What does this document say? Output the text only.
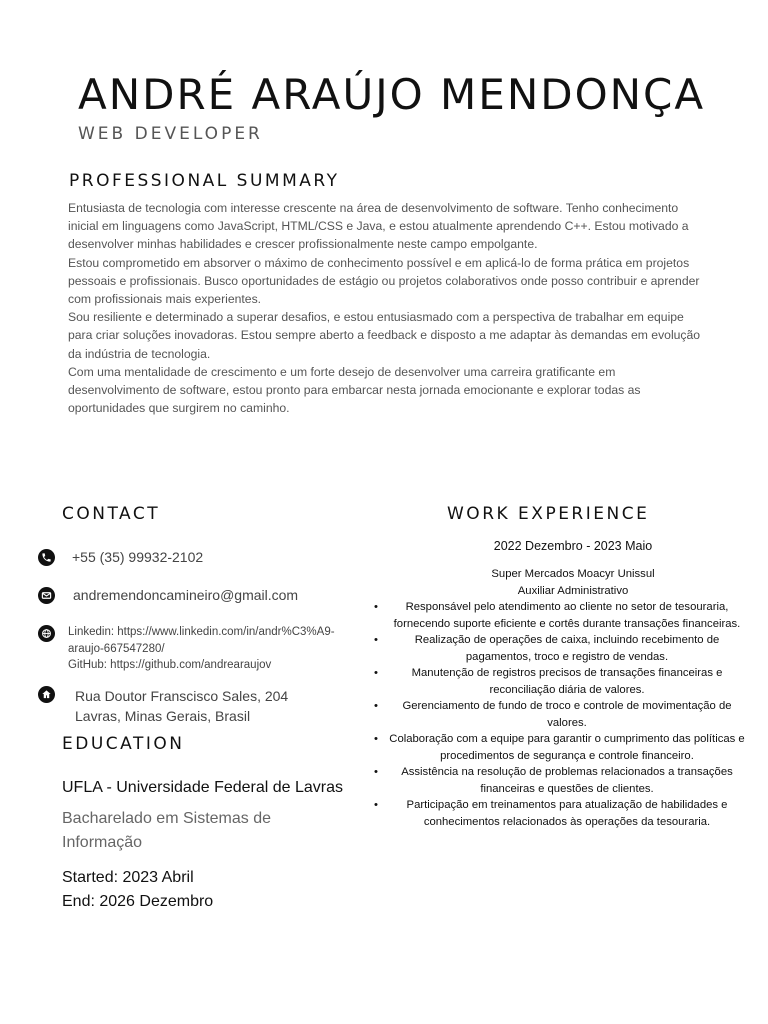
ANDRÉ ARAÚJO MENDONÇA
WEB DEVELOPER
PROFESSIONAL SUMMARY

Entusiasta de tecnologia com interesse crescente na área de desenvolvimento de software. Tenho conhecimento inicial em linguagens como JavaScript, HTML/CSS e Java, e estou atualmente aprendendo C++. Estou motivado a desenvolver minhas habilidades e crescer profissionalmente neste campo empolgante.

Estou comprometido em absorver o máximo de conhecimento possível e em aplicá-lo de forma prática em projetos pessoais e profissionais. Busco oportunidades de estágio ou projetos colaborativos onde posso contribuir e aprender com profissionais mais experientes.

Sou resiliente e determinado a superar desafios, e estou entusiasmado com a perspectiva de trabalhar em equipe para criar soluções inovadoras. Estou sempre aberto a feedback e disposto a me adaptar às demandas em evolução da indústria de tecnologia.

Com uma mentalidade de crescimento e um forte desejo de desenvolver uma carreira gratificante em desenvolvimento de software, estou pronto para embarcar nesta jornada emocionante e explorar todas as oportunidades que surgirem no caminho.

CONTACT
+55 (35) 99932-2102
andremendoncamineiro@gmail.com
Linkedin: https://www.linkedin.com/in/andr%C3%A9-
araujo-667547280/
GitHub: https://github.com/andrearaujov
Rua Doutor Franscisco Sales, 204
Lavras, Minas Gerais, Brasil
EDUCATION
UFLA - Universidade Federal de Lavras
Bacharelado em Sistemas de Informação
Started: 2023 Abril
End: 2026 Dezembro
WORK EXPERIENCE
2022 Dezembro - 2023 Maio
Super Mercados Moacyr Unissul
Auxiliar Administrativo
• Responsável pelo atendimento ao cliente no setor de tesouraria, fornecendo suporte eficiente e cortês durante transações financeiras.
•	Realização de operações de caixa, incluindo recebimento de pagamentos, troco e registro de vendas.
•	Manutenção de registros precisos de transações financeiras e reconciliação diária de valores.
• Gerenciamento de fundo de troco e controle de movimentação de valores.
• Colaboração com a equipe para garantir o cumprimento das políticas e procedimentos de segurança e controle financeiro.
• Assistência na resolução de problemas relacionados a transações financeiras e questões de clientes.
•	Participação em treinamentos para atualização de habilidades e conhecimentos relacionados às operações da tesouraria.
